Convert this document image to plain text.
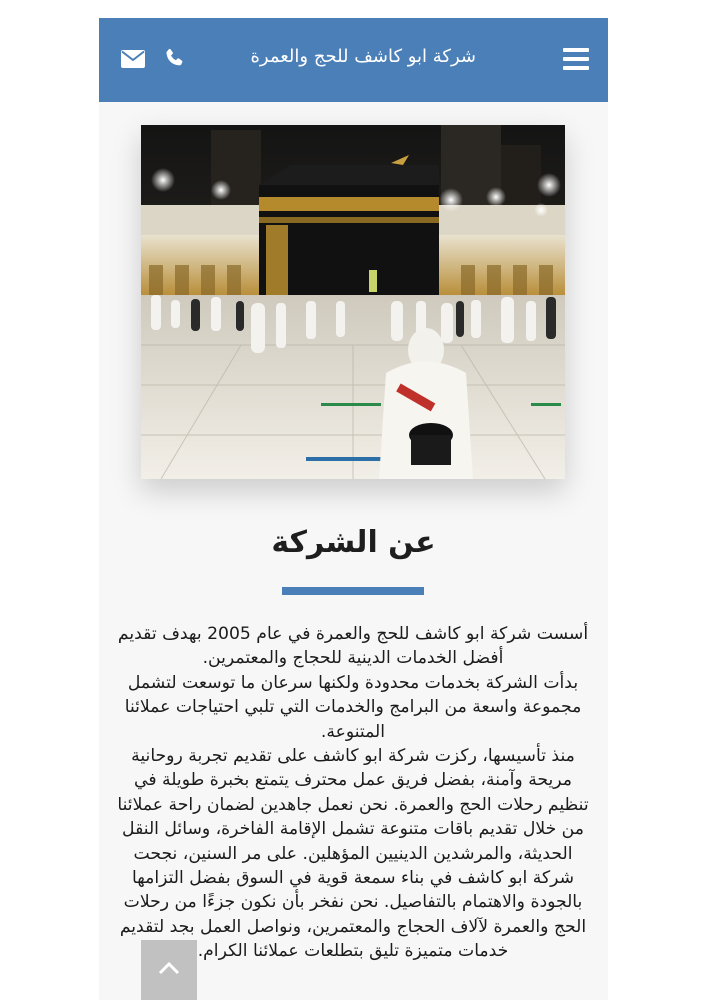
شركة ابو كاشف للحج والعمرة
عن الشركة

أسست شركة ابو كاشف للحج والعمرة في عام 2005 بهدف تقديم أفضل الخدمات الدينية للحجاج والمعتمرين.

بدأت الشركة بخدمات محدودة ولكنها سرعان ما توسعت لتشمل مجموعة واسعة من البرامج والخدمات التي تلبي احتياجات عملائنا المتنوعة.

منذ تأسيسها، ركزت شركة ابو كاشف على تقديم تجربة روحانية مريحة وآمنة، بفضل فريق عمل محترف يتمتع بخبرة طويلة في تنظيم رحلات الحج والعمرة. نحن نعمل جاهدين لضمان راحة عملائنا من خلال تقديم باقات متنوعة تشمل الإقامة الفاخرة، وسائل النقل الحديثة، والمرشدين الدينيين المؤهلين. على مر السنين، نجحت شركة ابو كاشف في بناء سمعة قوية في السوق بفضل التزامها بالجودة والاهتمام بالتفاصيل. نحن نفخر بأن نكون جزءًا من رحلات الحج والعمرة لآلاف الحجاج والمعتمرين، ونواصل العمل بجد لتقديم خدمات متميزة تليق بتطلعات عملائنا الكرام.
